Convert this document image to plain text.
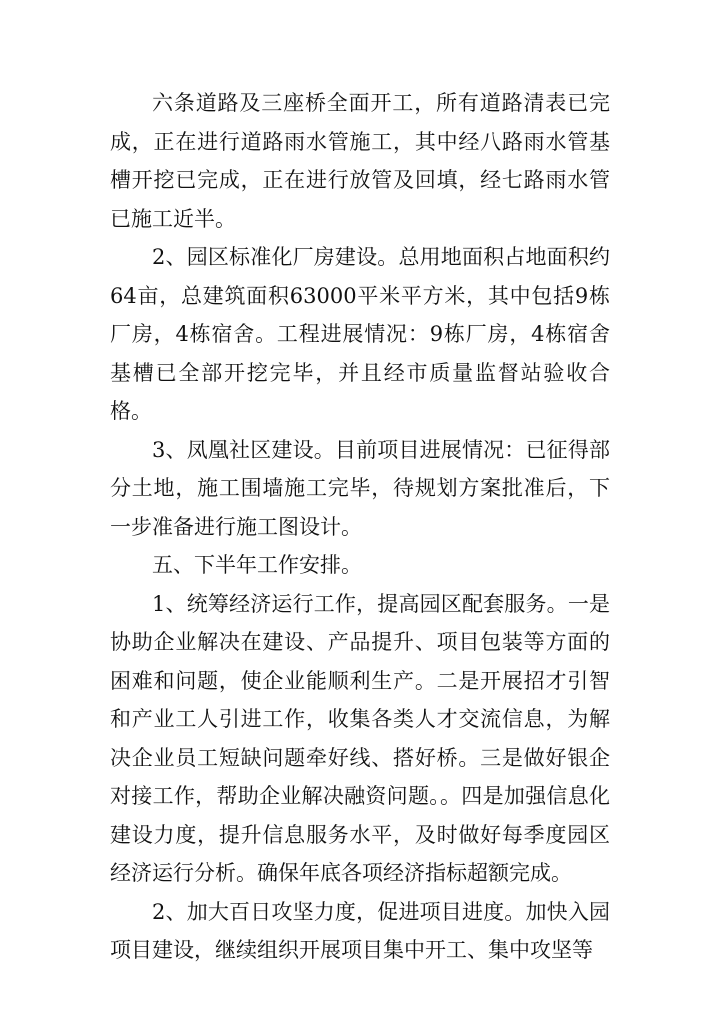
六条道路及三座桥全面开工，所有道路清表已完成，正在进行道路雨水管施工，其中经八路雨水管基槽开挖已完成，正在进行放管及回填，经七路雨水管已施工近半。

2、园区标准化厂房建设。总用地面积占地面积约64亩，总建筑面积63000平米平方米，其中包括9栋厂房，4栋宿舍。工程进展情况：9栋厂房，4栋宿舍基槽已全部开挖完毕，并且经市质量监督站验收合格。

3、凤凰社区建设。目前项目进展情况：已征得部分土地，施工围墙施工完毕，待规划方案批准后，下一步准备进行施工图设计。

五、下半年工作安排。

1、统筹经济运行工作，提高园区配套服务。一是协助企业解决在建设、产品提升、项目包装等方面的困难和问题，使企业能顺利生产。二是开展招才引智和产业工人引进工作，收集各类人才交流信息，为解决企业员工短缺问题牵好线、搭好桥。三是做好银企对接工作，帮助企业解决融资问题。。四是加强信息化建设力度，提升信息服务水平，及时做好每季度园区经济运行分析。确保年底各项经济指标超额完成。

2、加大百日攻坚力度，促进项目进度。加快入园项目建设，继续组织开展项目集中开工、集中攻坚等
